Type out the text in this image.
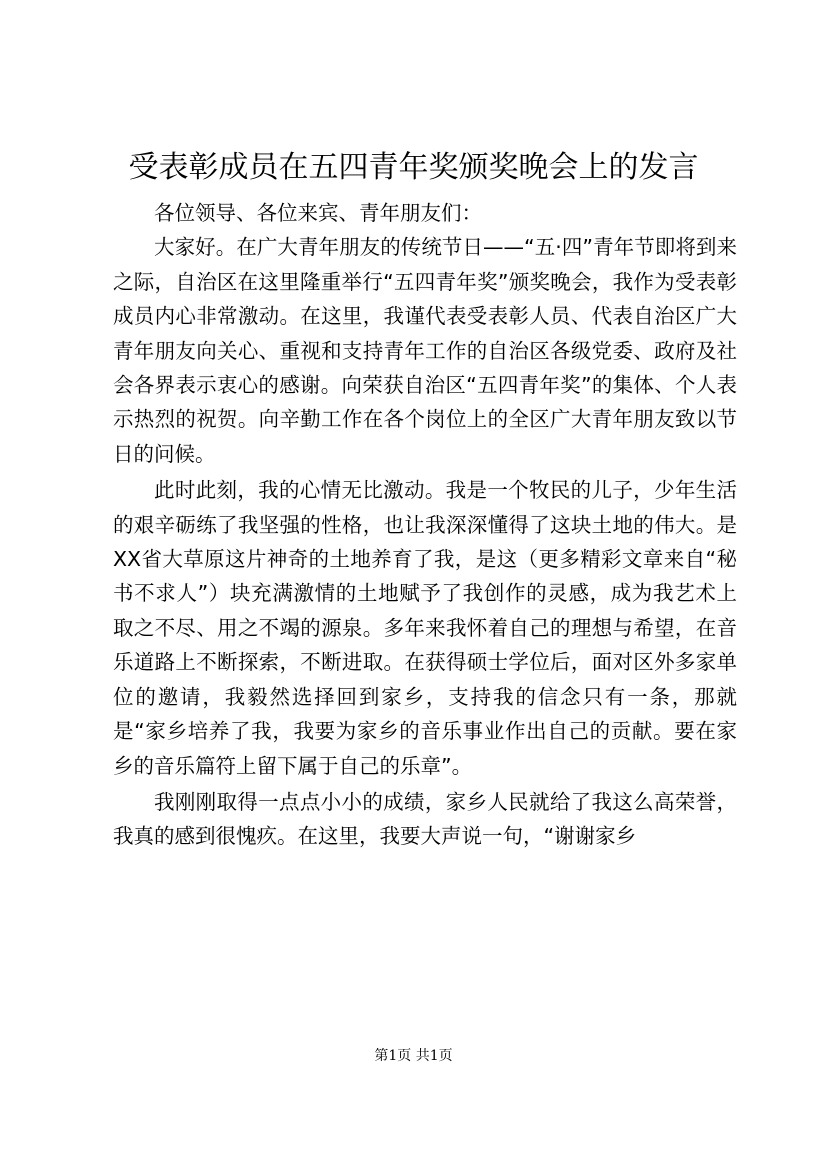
受表彰成员在五四青年奖颁奖晚会上的发言

各位领导、各位来宾、青年朋友们：

大家好。在广大青年朋友的传统节日——“五·四”青年节即将到来之际，自治区在这里隆重举行“五四青年奖”颁奖晚会，我作为受表彰成员内心非常激动。在这里，我谨代表受表彰人员、代表自治区广大青年朋友向关心、重视和支持青年工作的自治区各级党委、政府及社会各界表示衷心的感谢。向荣获自治区“五四青年奖”的集体、个人表示热烈的祝贺。向辛勤工作在各个岗位上的全区广大青年朋友致以节日的问候。

此时此刻，我的心情无比激动。我是一个牧民的儿子，少年生活的艰辛砺练了我坚强的性格，也让我深深懂得了这块土地的伟大。是XX省大草原这片神奇的土地养育了我，是这（更多精彩文章来自“秘书不求人”）块充满激情的土地赋予了我创作的灵感，成为我艺术上取之不尽、用之不竭的源泉。多年来我怀着自己的理想与希望，在音乐道路上不断探索，不断进取。在获得硕士学位后，面对区外多家单位的邀请，我毅然选择回到家乡，支持我的信念只有一条，那就是“家乡培养了我，我要为家乡的音乐事业作出自己的贡献。要在家乡的音乐篇符上留下属于自己的乐章”。

我刚刚取得一点点小小的成绩，家乡人民就给了我这么高荣誉，我真的感到很愧疚。在这里，我要大声说一句，“谢谢家乡

第1页 共1页
